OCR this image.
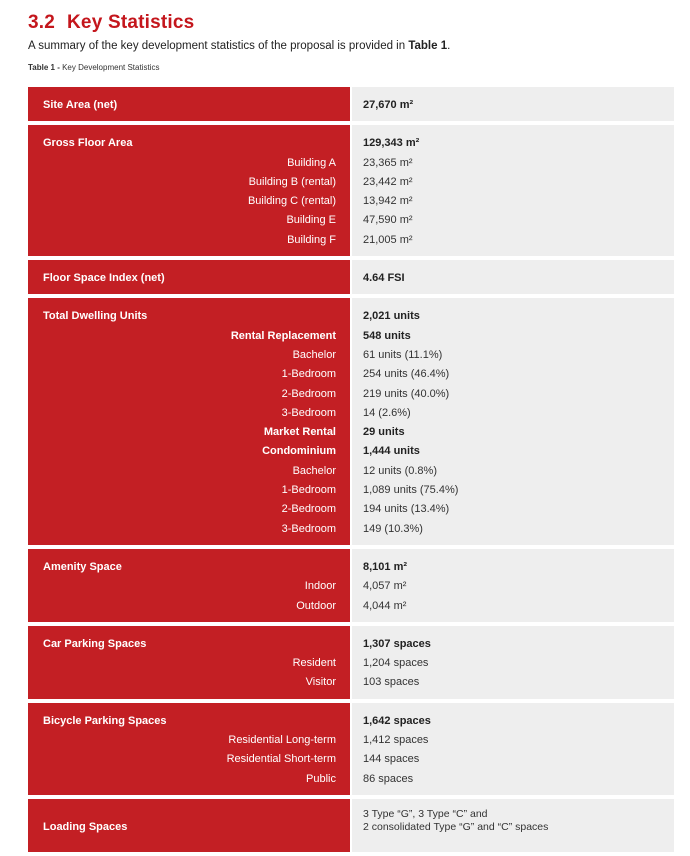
3.2 Key Statistics

A summary of the key development statistics of the proposal is provided in Table 1.

Table 1 - Key Development Statistics

Site Area (net)	27,670 m²
Gross Floor Area
Building A
Building B (rental)
Building C (rental)
Building E
Building F
129,343 m²
23,365 m²
23,442 m²
13,942 m²
47,590 m²
21,005 m²
Floor Space Index (net)	4.64 FSI
Total Dwelling Units
Rental Replacement
Bachelor
1-Bedroom
2-Bedroom
3-Bedroom
Market Rental
Condominium
Bachelor
1-Bedroom
2-Bedroom
3-Bedroom
2,021 units
548 units
61 units (11.1%)
254 units (46.4%)
219 units (40.0%)
14 (2.6%)
29 units
1,444 units
12 units (0.8%)
1,089 units (75.4%)
194 units (13.4%)
149 (10.3%)
Amenity Space
Indoor
Outdoor
8,101 m²
4,057 m²
4,044 m²
Car Parking Spaces
Resident
Visitor
1,307 spaces
1,204 spaces
103 spaces
Bicycle Parking Spaces
Residential Long-term
Residential Short-term
Public
1,642 spaces
1,412 spaces
144 spaces
86 spaces
Loading Spaces
3 Type “G”, 3 Type “C” and
2 consolidated Type “G” and “C” spaces
